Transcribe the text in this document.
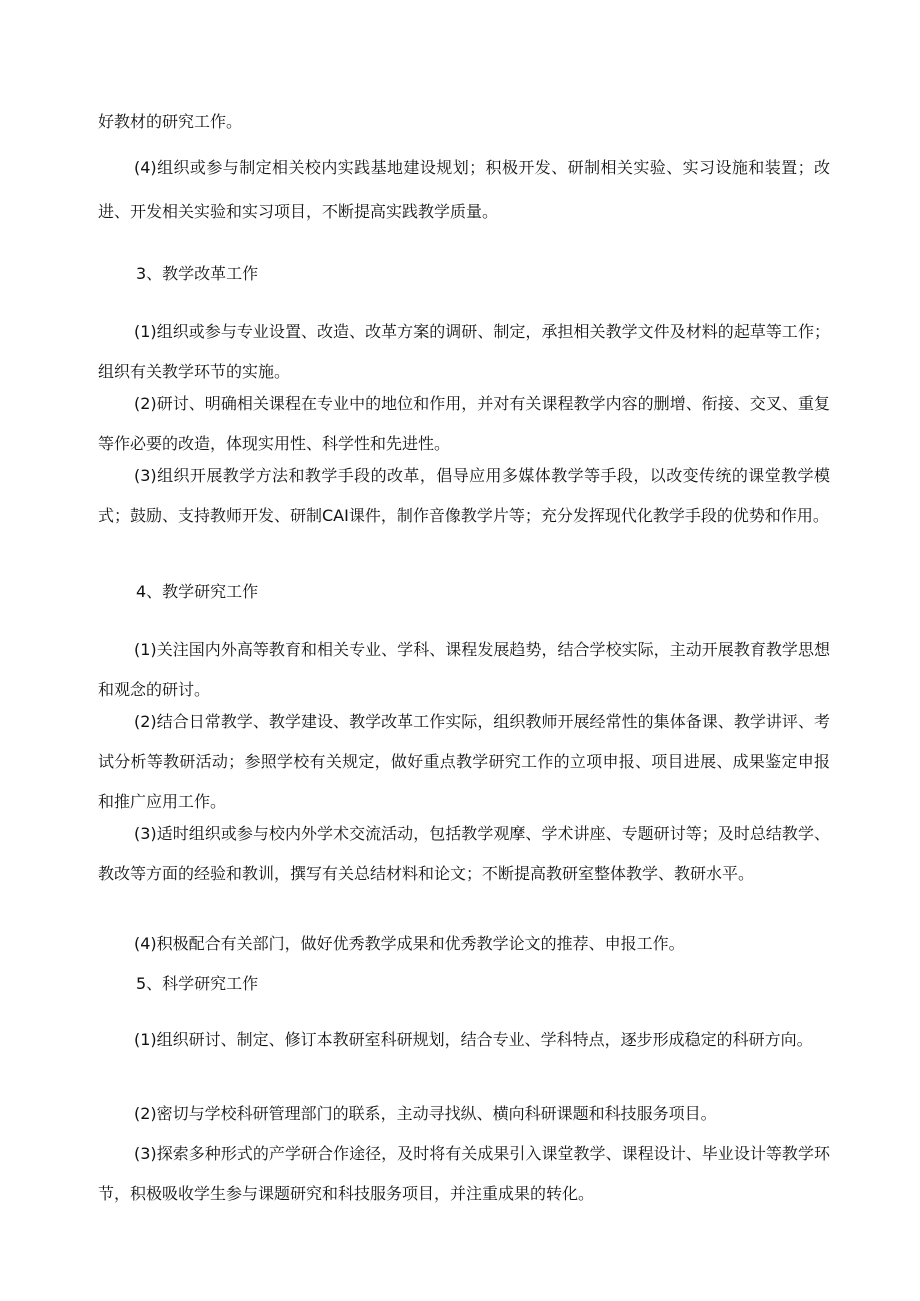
好教材的研究工作。

(4)组织或参与制定相关校内实践基地建设规划；积极开发、研制相关实验、实习设施和装置；改进、开发相关实验和实习项目，不断提高实践教学质量。

3、教学改革工作

(1)组织或参与专业设置、改造、改革方案的调研、制定，承担相关教学文件及材料的起草等工作；组织有关教学环节的实施。

(2)研讨、明确相关课程在专业中的地位和作用，并对有关课程教学内容的删增、衔接、交叉、重复等作必要的改造，体现实用性、科学性和先进性。

(3)组织开展教学方法和教学手段的改革，倡导应用多媒体教学等手段，以改变传统的课堂教学模式；鼓励、支持教师开发、研制CAI课件，制作音像教学片等；充分发挥现代化教学手段的优势和作用。

4、教学研究工作

(1)关注国内外高等教育和相关专业、学科、课程发展趋势，结合学校实际，主动开展教育教学思想和观念的研讨。

(2)结合日常教学、教学建设、教学改革工作实际，组织教师开展经常性的集体备课、教学讲评、考试分析等教研活动；参照学校有关规定，做好重点教学研究工作的立项申报、项目进展、成果鉴定申报和推广应用工作。

(3)适时组织或参与校内外学术交流活动，包括教学观摩、学术讲座、专题研讨等；及时总结教学、教改等方面的经验和教训，撰写有关总结材料和论文；不断提高教研室整体教学、教研水平。

(4)积极配合有关部门，做好优秀教学成果和优秀教学论文的推荐、申报工作。

5、科学研究工作

(1)组织研讨、制定、修订本教研室科研规划，结合专业、学科特点，逐步形成稳定的科研方向。

(2)密切与学校科研管理部门的联系，主动寻找纵、横向科研课题和科技服务项目。

(3)探索多种形式的产学研合作途径，及时将有关成果引入课堂教学、课程设计、毕业设计等教学环节，积极吸收学生参与课题研究和科技服务项目，并注重成果的转化。
